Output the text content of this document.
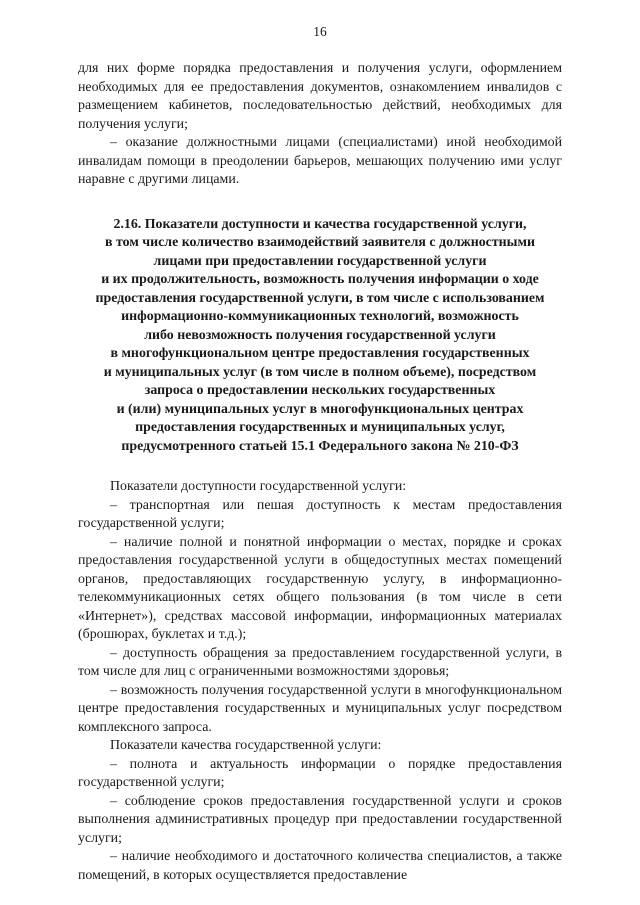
16

для них форме порядка предоставления и получения услуги, оформлением необходимых для ее предоставления документов, ознакомлением инвалидов с размещением кабинетов, последовательностью действий, необходимых для получения услуги;

– оказание должностными лицами (специалистами) иной необходимой инвалидам помощи в преодолении барьеров, мешающих получению ими услуг наравне с другими лицами.

2.16. Показатели доступности и качества государственной услуги,
в том числе количество взаимодействий заявителя с должностными
лицами при предоставлении государственной услуги
и их продолжительность, возможность получения информации о ходе
предоставления государственной услуги, в том числе с использованием
информационно-коммуникационных технологий, возможность
либо невозможность получения государственной услуги
в многофункциональном центре предоставления государственных
и муниципальных услуг (в том числе в полном объеме), посредством
запроса о предоставлении нескольких государственных
и (или) муниципальных услуг в многофункциональных центрах
предоставления государственных и муниципальных услуг,
предусмотренного статьей 15.1 Федерального закона № 210-ФЗ

Показатели доступности государственной услуги:

– транспортная или пешая доступность к местам предоставления государственной услуги;

– наличие полной и понятной информации о местах, порядке и сроках предоставления государственной услуги в общедоступных местах помещений органов, предоставляющих государственную услугу, в информационно-телекоммуникационных сетях общего пользования (в том числе в сети «Интернет»), средствах массовой информации, информационных материалах (брошюрах, буклетах и т.д.);

– доступность обращения за предоставлением государственной услуги, в том числе для лиц с ограниченными возможностями здоровья;

– возможность получения государственной услуги в многофункциональном центре предоставления государственных и муниципальных услуг посредством комплексного запроса.

Показатели качества государственной услуги:

– полнота и актуальность информации о порядке предоставления государственной услуги;

– соблюдение сроков предоставления государственной услуги и сроков выполнения административных процедур при предоставлении государственной услуги;

– наличие необходимого и достаточного количества специалистов, а также помещений, в которых осуществляется предоставление
